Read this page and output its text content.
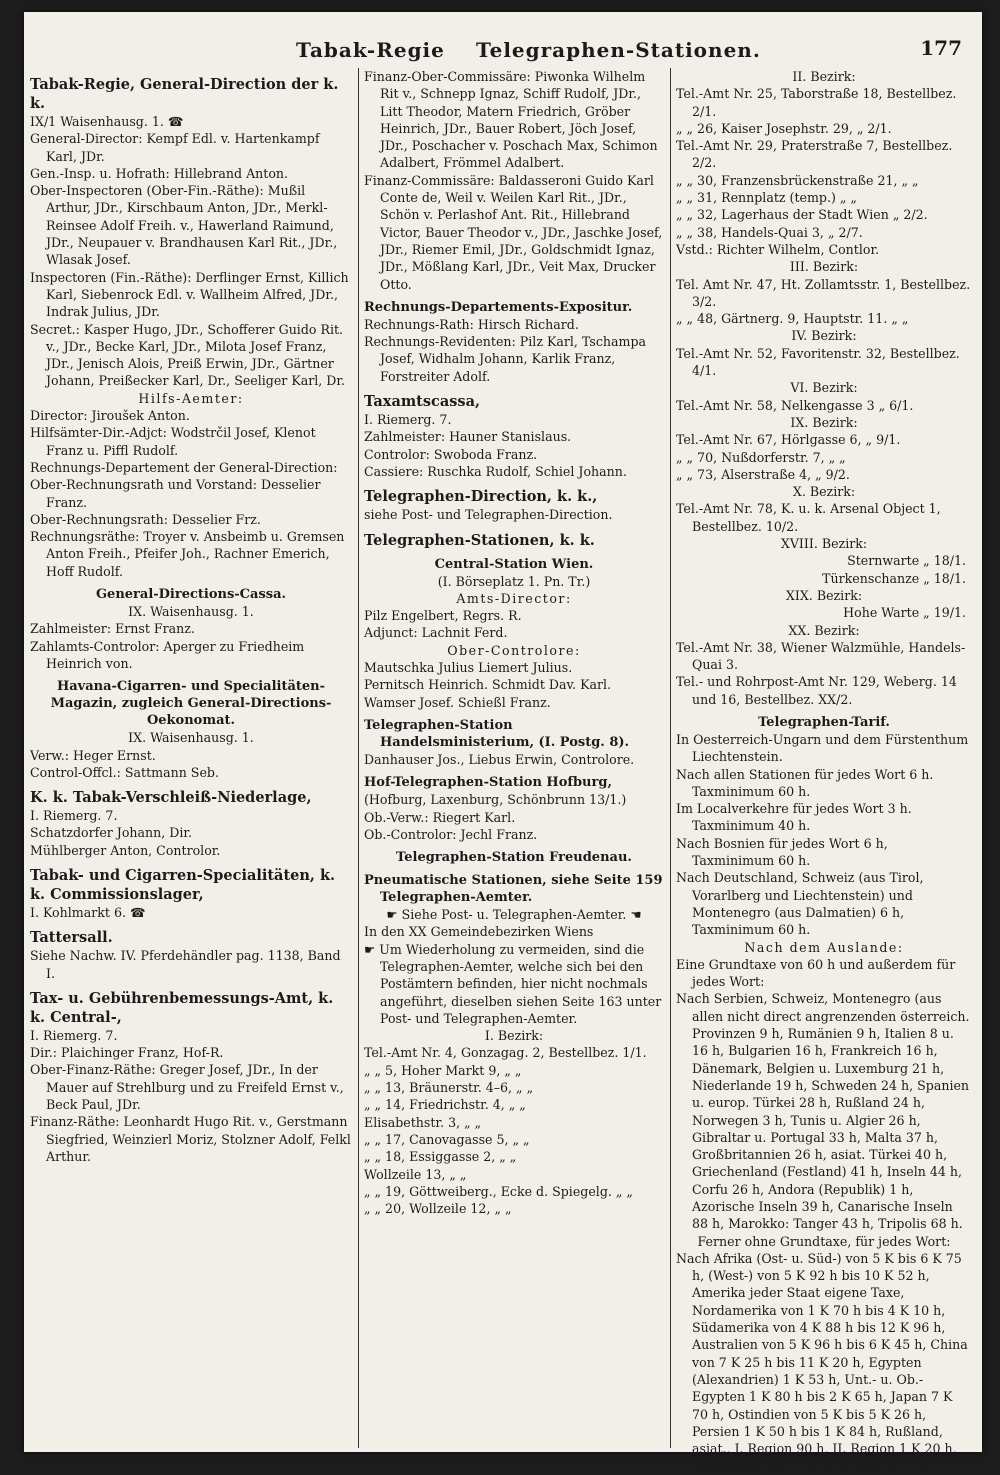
Tabak-Regie Telegraphen-Stationen.	177

Tabak-Regie, General-Direction der k. k.

IX/1 Waisenhausg. 1. ☎

General-Director: Kempf Edl. v. Hartenkampf Karl, JDr.

Gen.-Insp. u. Hofrath: Hillebrand Anton.

Ober-Inspectoren (Ober-Fin.-Räthe): Mußil Arthur, JDr., Kirschbaum Anton, JDr., Merkl-Reinsee Adolf Freih. v., Hawerland Raimund, JDr., Neupauer v. Brandhausen Karl Rit., JDr., Wlasak Josef.

Inspectoren (Fin.-Räthe): Derflinger Ernst, Killich Karl, Siebenrock Edl. v. Wallheim Alfred, JDr., Indrak Julius, JDr.

Secret.: Kasper Hugo, JDr., Schofferer Guido Rit. v., JDr., Becke Karl, JDr., Milota Josef Franz, JDr., Jenisch Alois, Preiß Erwin, JDr., Gärtner Johann, Preißecker Karl, Dr., Seeliger Karl, Dr.

Hilfs-Aemter:

Director: Jiroušek Anton.

Hilfsämter-Dir.-Adjct: Wodstrčil Josef, Klenot Franz u. Piffl Rudolf.

Rechnungs-Departement der General-Direction:

Ober-Rechnungsrath und Vorstand: Desselier Franz.

Ober-Rechnungsrath: Desselier Frz.

Rechnungsräthe: Troyer v. Ansbeimb u. Gremsen Anton Freih., Pfeifer Joh., Rachner Emerich, Hoff Rudolf.

General-Directions-Cassa.

IX. Waisenhausg. 1.

Zahlmeister: Ernst Franz.

Zahlamts-Controlor: Aperger zu Friedheim Heinrich von.

Havana-Cigarren- und Specialitäten-Magazin, zugleich General-Directions-Oekonomat.

IX. Waisenhausg. 1.

Verw.: Heger Ernst.

Control-Offcl.: Sattmann Seb.

K. k. Tabak-Verschleiß-Niederlage,

I. Riemerg. 7.

Schatzdorfer Johann, Dir.

Mühlberger Anton, Controlor.

Tabak- und Cigarren-Specialitäten, k. k. Commissionslager,

I. Kohlmarkt 6. ☎

Tattersall.

Siehe Nachw. IV. Pferdehändler pag. 1138, Band I.

Tax- u. Gebührenbemessungs-Amt, k. k. Central-,

I. Riemerg. 7.

Dir.: Plaichinger Franz, Hof-R.

Ober-Finanz-Räthe: Greger Josef, JDr., In der Mauer auf Strehlburg und zu Freifeld Ernst v., Beck Paul, JDr.

Finanz-Räthe: Leonhardt Hugo Rit. v., Gerstmann Siegfried, Weinzierl Moriz, Stolzner Adolf, Felkl Arthur.

Finanz-Ober-Commissäre: Piwonka Wilhelm Rit v., Schnepp Ignaz, Schiff Rudolf, JDr., Litt Theodor, Matern Friedrich, Gröber Heinrich, JDr., Bauer Robert, Jöch Josef, JDr., Poschacher v. Poschach Max, Schimon Adalbert, Frömmel Adalbert.

Finanz-Commissäre: Baldasseroni Guido Karl Conte de, Weil v. Weilen Karl Rit., JDr., Schön v. Perlashof Ant. Rit., Hillebrand Victor, Bauer Theodor v., JDr., Jaschke Josef, JDr., Riemer Emil, JDr., Goldschmidt Ignaz, JDr., Mößlang Karl, JDr., Veit Max, Drucker Otto.

Rechnungs-Departements-Expositur.

Rechnungs-Rath: Hirsch Richard.

Rechnungs-Revidenten: Pilz Karl, Tschampa Josef, Widhalm Johann, Karlik Franz, Forstreiter Adolf.

Taxamtscassa,

I. Riemerg. 7.

Zahlmeister: Hauner Stanislaus.

Controlor: Swoboda Franz.

Cassiere: Ruschka Rudolf, Schiel Johann.

Telegraphen-Direction, k. k.,

siehe Post- und Telegraphen-Direction.

Telegraphen-Stationen, k. k.

Central-Station Wien.

(I. Börseplatz 1. Pn. Tr.)

Amts-Director:

Pilz Engelbert, Regrs. R.

Adjunct: Lachnit Ferd.

Ober-Controlore:

Mautschka Julius Liemert Julius.

Pernitsch Heinrich. Schmidt Dav. Karl.

Wamser Josef. Schießl Franz.

Telegraphen-Station Handelsministerium, (I. Postg. 8).

Danhauser Jos., Liebus Erwin, Controlore.

Hof-Telegraphen-Station Hofburg,

(Hofburg, Laxenburg, Schönbrunn 13/1.)

Ob.-Verw.: Riegert Karl.

Ob.-Controlor: Jechl Franz.

Telegraphen-Station Freudenau.

Pneumatische Stationen, siehe Seite 159 Telegraphen-Aemter.

☛ Siehe Post- u. Telegraphen-Aemter. ☚

In den XX Gemeindebezirken Wiens

☛ Um Wiederholung zu vermeiden, sind die Telegraphen-Aemter, welche sich bei den Postämtern befinden, hier nicht nochmals angeführt, dieselben siehen Seite 163 unter Post- und Telegraphen-Aemter.

I. Bezirk:

Tel.-Amt Nr. 4, Gonzagag. 2, Bestellbez. 1/1.

„ „ 5, Hoher Markt 9, „ „

„ „ 13, Bräunerstr. 4–6, „ „

„ „ 14, Friedrichstr. 4, „ „

Elisabethstr. 3, „ „

„ „ 17, Canovagasse 5, „ „

„ „ 18, Essiggasse 2, „ „

Wollzeile 13, „ „

„ „ 19, Göttweiberg., Ecke d. Spiegelg. „ „

„ „ 20, Wollzeile 12, „ „

II. Bezirk:

Tel.-Amt Nr. 25, Taborstraße 18, Bestellbez. 2/1.

„ „ 26, Kaiser Josephstr. 29, „ 2/1.

Tel.-Amt Nr. 29, Praterstraße 7, Bestellbez. 2/2.

„ „ 30, Franzensbrückenstraße 21, „ „

„ „ 31, Rennplatz (temp.) „ „

„ „ 32, Lagerhaus der Stadt Wien „ 2/2.

„ „ 38, Handels-Quai 3, „ 2/7.

Vstd.: Richter Wilhelm, Contlor.

III. Bezirk:

Tel. Amt Nr. 47, Ht. Zollamtsstr. 1, Bestellbez. 3/2.

„ „ 48, Gärtnerg. 9, Hauptstr. 11. „ „

IV. Bezirk:

Tel.-Amt Nr. 52, Favoritenstr. 32, Bestellbez. 4/1.

VI. Bezirk:

Tel.-Amt Nr. 58, Nelkengasse 3 „ 6/1.

IX. Bezirk:

Tel.-Amt Nr. 67, Hörlgasse 6, „ 9/1.

„ „ 70, Nußdorferstr. 7, „ „

„ „ 73, Alserstraße 4, „ 9/2.

X. Bezirk:

Tel.-Amt Nr. 78, K. u. k. Arsenal Object 1, Bestellbez. 10/2.

XVIII. Bezirk:

Sternwarte „ 18/1.

Türkenschanze „ 18/1.

XIX. Bezirk:

Hohe Warte „ 19/1.

XX. Bezirk:

Tel.-Amt Nr. 38, Wiener Walzmühle, Handels-Quai 3.

Tel.- und Rohrpost-Amt Nr. 129, Weberg. 14 und 16, Bestellbez. XX/2.

Telegraphen-Tarif.

In Oesterreich-Ungarn und dem Fürstenthum Liechtenstein.

Nach allen Stationen für jedes Wort 6 h. Taxminimum 60 h.

Im Localverkehre für jedes Wort 3 h. Taxminimum 40 h.

Nach Bosnien für jedes Wort 6 h, Taxminimum 60 h.

Nach Deutschland, Schweiz (aus Tirol, Vorarlberg und Liechtenstein) und Montenegro (aus Dalmatien) 6 h, Taxminimum 60 h.

Nach dem Auslande:

Eine Grundtaxe von 60 h und außerdem für jedes Wort:

Nach Serbien, Schweiz, Montenegro (aus allen nicht direct angrenzenden österreich. Provinzen 9 h, Rumänien 9 h, Italien 8 u. 16 h, Bulgarien 16 h, Frankreich 16 h, Dänemark, Belgien u. Luxemburg 21 h, Niederlande 19 h, Schweden 24 h, Spanien u. europ. Türkei 28 h, Rußland 24 h, Norwegen 3 h, Tunis u. Algier 26 h, Gibraltar u. Portugal 33 h, Malta 37 h, Großbritannien 26 h, asiat. Türkei 40 h, Griechenland (Festland) 41 h, Inseln 44 h, Corfu 26 h, Andora (Republik) 1 h, Azorische Inseln 39 h, Canarische Inseln 88 h, Marokko: Tanger 43 h, Tripolis 68 h.

Ferner ohne Grundtaxe, für jedes Wort:

Nach Afrika (Ost- u. Süd-) von 5 K bis 6 K 75 h, (West-) von 5 K 92 h bis 10 K 52 h, Amerika jeder Staat eigene Taxe, Nordamerika von 1 K 70 h bis 4 K 10 h, Südamerika von 4 K 88 h bis 12 K 96 h, Australien von 5 K 96 h bis 6 K 45 h, China von 7 K 25 h bis 11 K 20 h, Egypten (Alexandrien) 1 K 53 h, Unt.- u. Ob.-Egypten 1 K 80 h bis 2 K 65 h, Japan 7 K 70 h, Ostindien von 5 K bis 5 K 26 h, Persien 1 K 50 h bis 1 K 84 h, Rußland, asiat., I. Region 90 h, II. Region 1 K 20 h, Westindien von 2 K 55 h bis 9 K 75 h.
